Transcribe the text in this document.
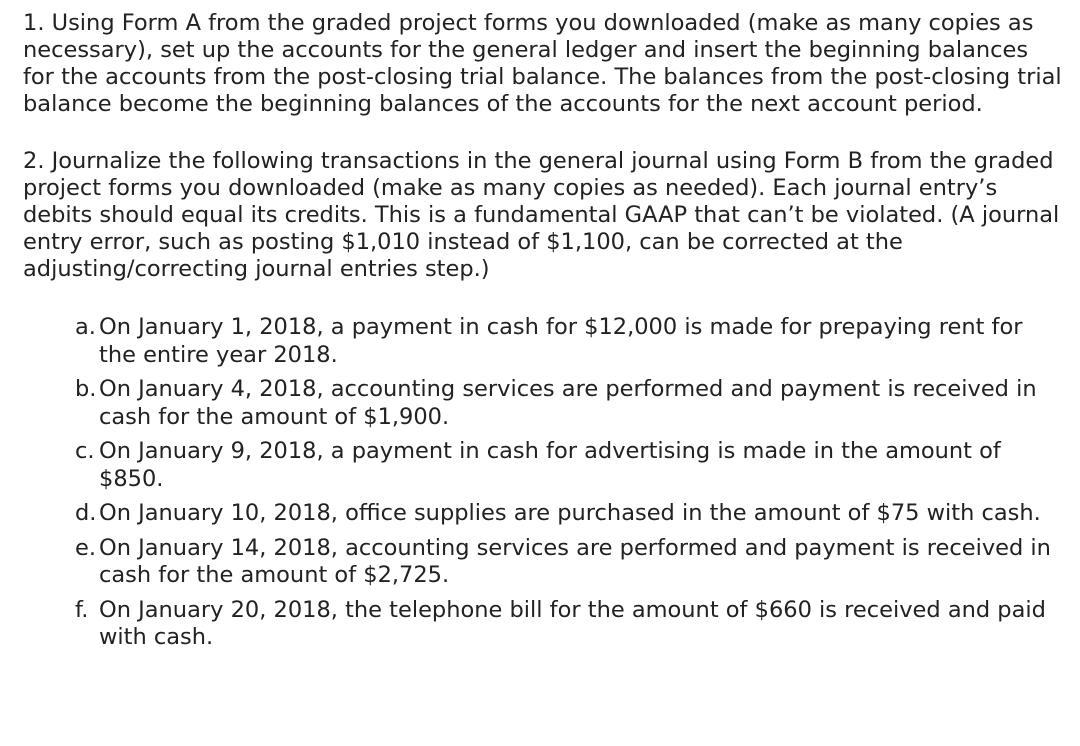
1. Using Form A from the graded project forms you downloaded (make as many copies as necessary), set up the accounts for the general ledger and insert the beginning balances for the accounts from the post-closing trial balance. The balances from the post-closing trial balance become the beginning balances of the accounts for the next account period.

2. Journalize the following transactions in the general journal using Form B from the graded project forms you downloaded (make as many copies as needed). Each journal entry’s debits should equal its credits. This is a fundamental GAAP that can’t be violated. (A journal entry error, such as posting $1,010 instead of $1,100, can be corrected at the adjusting/correcting journal entries step.)

a. On January 1, 2018, a payment in cash for $12,000 is made for prepaying rent for the entire year 2018.
b. On January 4, 2018, accounting services are performed and payment is received in cash for the amount of $1,900.
c. On January 9, 2018, a payment in cash for advertising is made in the amount of $850.
d. On January 10, 2018, office supplies are purchased in the amount of $75 with cash.
e. On January 14, 2018, accounting services are performed and payment is received in cash for the amount of $2,725.
f. On January 20, 2018, the telephone bill for the amount of $660 is received and paid with cash.
